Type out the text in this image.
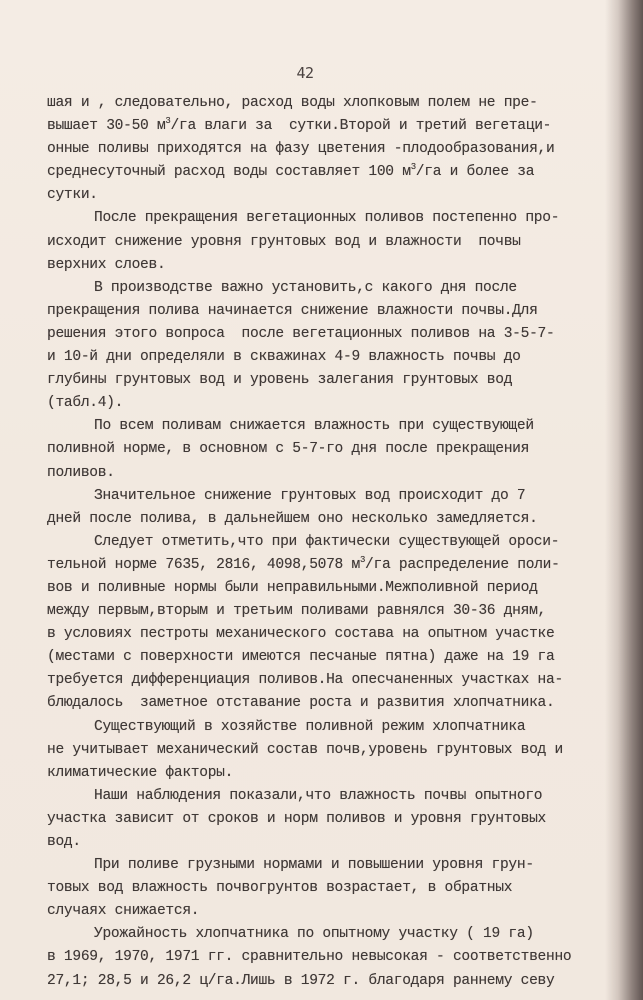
42
шая и , следовательно, расход воды хлопковым полем не пре-
вышает 30-50 $м^3/га$ влаги за  сутки.Второй и третий вегетаци-
онные поливы приходятся на фазу цветения -плодообразования,и
среднесуточный расход воды составляет 100 $м^3/га$ и более за
сутки.
После прекращения вегетационных поливов постепенно про-
исходит снижение уровня грунтовых вод и влажности  почвы
верхних слоев.
В производстве важно установить,с какого дня после
прекращения полива начинается снижение влажности почвы.Для
решения этого вопроса  после вегетационных поливов на 3-5-7-
и 10-й дни определяли в скважинах 4-9 влажность почвы до
глубины грунтовых вод и уровень залегания грунтовых вод
(табл.4).
По всем поливам снижается влажность при существующей
поливной норме, в основном с 5-7-го дня после прекращения
поливов.
Значительное снижение грунтовых вод происходит до 7
дней после полива, в дальнейшем оно несколько замедляется.
Следует отметить,что при фактически существующей ороси-
тельной норме 7635, 2816, 4098,5078 $м^3/га$ распределение поли-
вов и поливные нормы были неправильными.Межполивной период
между первым,вторым и третьим поливами равнялся 30-36 дням,
в условиях пестроты механического состава на опытном участке
(местами с поверхности имеются песчаные пятна) даже на 19 га
требуется дифференциация поливов.На опесчаненных участках на-
блюдалось  заметное отставание роста и развития хлопчатника.
Существующий в хозяйстве поливной режим хлопчатника
не учитывает механический состав почв,уровень грунтовых вод и
климатические факторы.
Наши наблюдения показали,что влажность почвы опытного
участка зависит от сроков и норм поливов и уровня грунтовых
вод.
При поливе грузными нормами и повышении уровня грун-
товых вод влажность почвогрунтов возрастает, в обратных
случаях снижается.
Урожайность хлопчатника по опытному участку ( 19 га)
в 1969, 1970, 1971 гг. сравнительно невысокая - соответственно
27,1; 28,5 и 26,2 ц/га.Лишь в 1972 г. благодаря раннему севу
